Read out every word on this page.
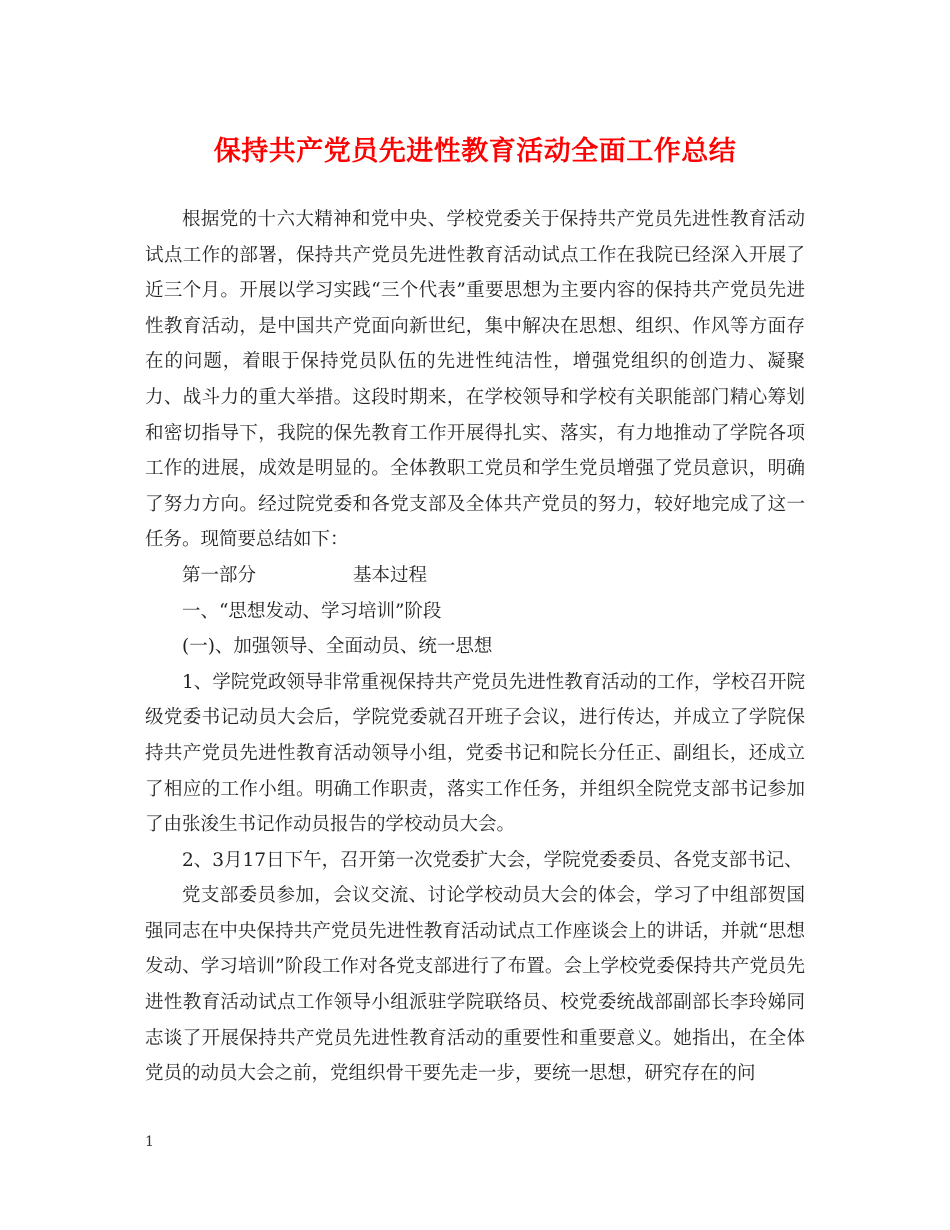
保持共产党员先进性教育活动全面工作总结

根据党的十六大精神和党中央、学校党委关于保持共产党员先进性教育活动试点工作的部署，保持共产党员先进性教育活动试点工作在我院已经深入开展了近三个月。开展以学习实践“三个代表”重要思想为主要内容的保持共产党员先进性教育活动，是中国共产党面向新世纪，集中解决在思想、组织、作风等方面存在的问题，着眼于保持党员队伍的先进性纯洁性，增强党组织的创造力、凝聚力、战斗力的重大举措。这段时期来，在学校领导和学校有关职能部门精心筹划和密切指导下，我院的保先教育工作开展得扎实、落实，有力地推动了学院各项工作的进展，成效是明显的。全体教职工党员和学生党员增强了党员意识，明确了努力方向。经过院党委和各党支部及全体共产党员的努力，较好地完成了这一任务。现简要总结如下：

第一部分	基本过程

一、“思想发动、学习培训”阶段

(一)、加强领导、全面动员、统一思想

1、学院党政领导非常重视保持共产党员先进性教育活动的工作，学校召开院级党委书记动员大会后，学院党委就召开班子会议，进行传达，并成立了学院保持共产党员先进性教育活动领导小组，党委书记和院长分任正、副组长，还成立了相应的工作小组。明确工作职责，落实工作任务，并组织全院党支部书记参加了由张浚生书记作动员报告的学校动员大会。

2、3月17日下午，召开第一次党委扩大会，学院党委委员、各党支部书记、

党支部委员参加，会议交流、讨论学校动员大会的体会，学习了中组部贺国强同志在中央保持共产党员先进性教育活动试点工作座谈会上的讲话，并就“思想发动、学习培训”阶段工作对各党支部进行了布置。会上学校党委保持共产党员先进性教育活动试点工作领导小组派驻学院联络员、校党委统战部副部长李玲娣同志谈了开展保持共产党员先进性教育活动的重要性和重要意义。她指出，在全体党员的动员大会之前，党组织骨干要先走一步，要统一思想，研究存在的问

1
